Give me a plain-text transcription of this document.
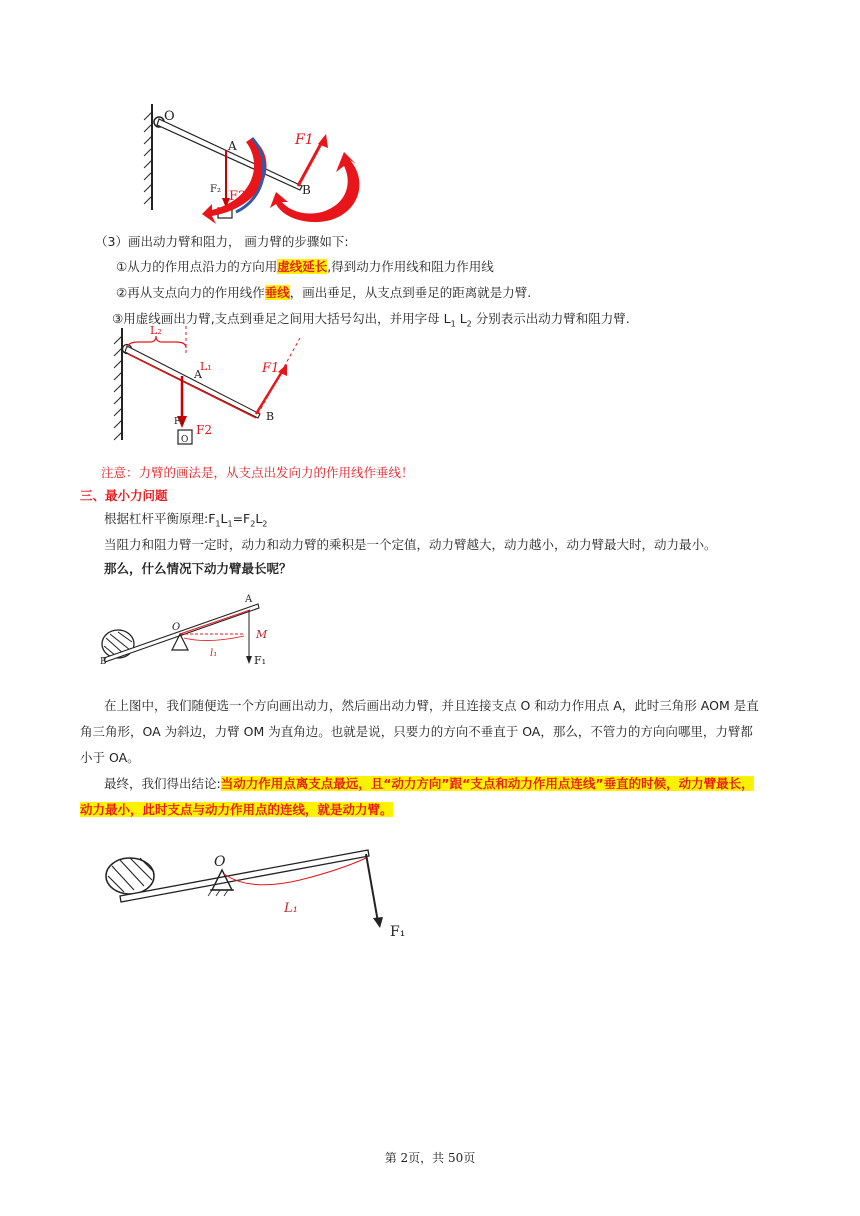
O
A
B
F1
F2
F₂
（3）画出动力臂和阻力， 画力臂的步骤如下:
①从力的作用点沿力的方向用虚线延长,得到动力作用线和阻力作用线
②再从支点向力的作用线作垂线，画出垂足，从支点到垂足的距离就是力臂.
③用虚线画出力臂,支点到垂足之间用大括号勾出，并用字母 $L_1$ $L_2$ 分别表示出动力臂和阻力臂.
L₂
L₁
A
B
F1
F2
F₂
O
注意：力臂的画法是，从支点出发向力的作用线作垂线！
三、最小力问题
根据杠杆平衡原理$:F_1L_1=F_2L_2$
当阻力和阻力臂一定时，动力和动力臂的乘积是一个定值，动力臂越大，动力越小，动力臂最大时，动力最小。
那么，什么情况下动力臂最长呢？
A
O
M
l₁
F₁
B
在上图中，我们随便选一个方向画出动力，然后画出动力臂，并且连接支点 O 和动力作用点 A，此时三角形 AOM 是直
角三角形，OA 为斜边，力臂 OM 为直角边。也就是说，只要力的方向不垂直于 OA，那么，不管力的方向向哪里，力臂都
小于 OA。
最终，我们得出结论:当动力作用点离支点最远，且“动力方向”跟“支点和动力作用点连线”垂直的时候，动力臂最长，
动力最小，此时支点与动力作用点的连线，就是动力臂。
O
L₁
F₁
第 2页，共 50页
